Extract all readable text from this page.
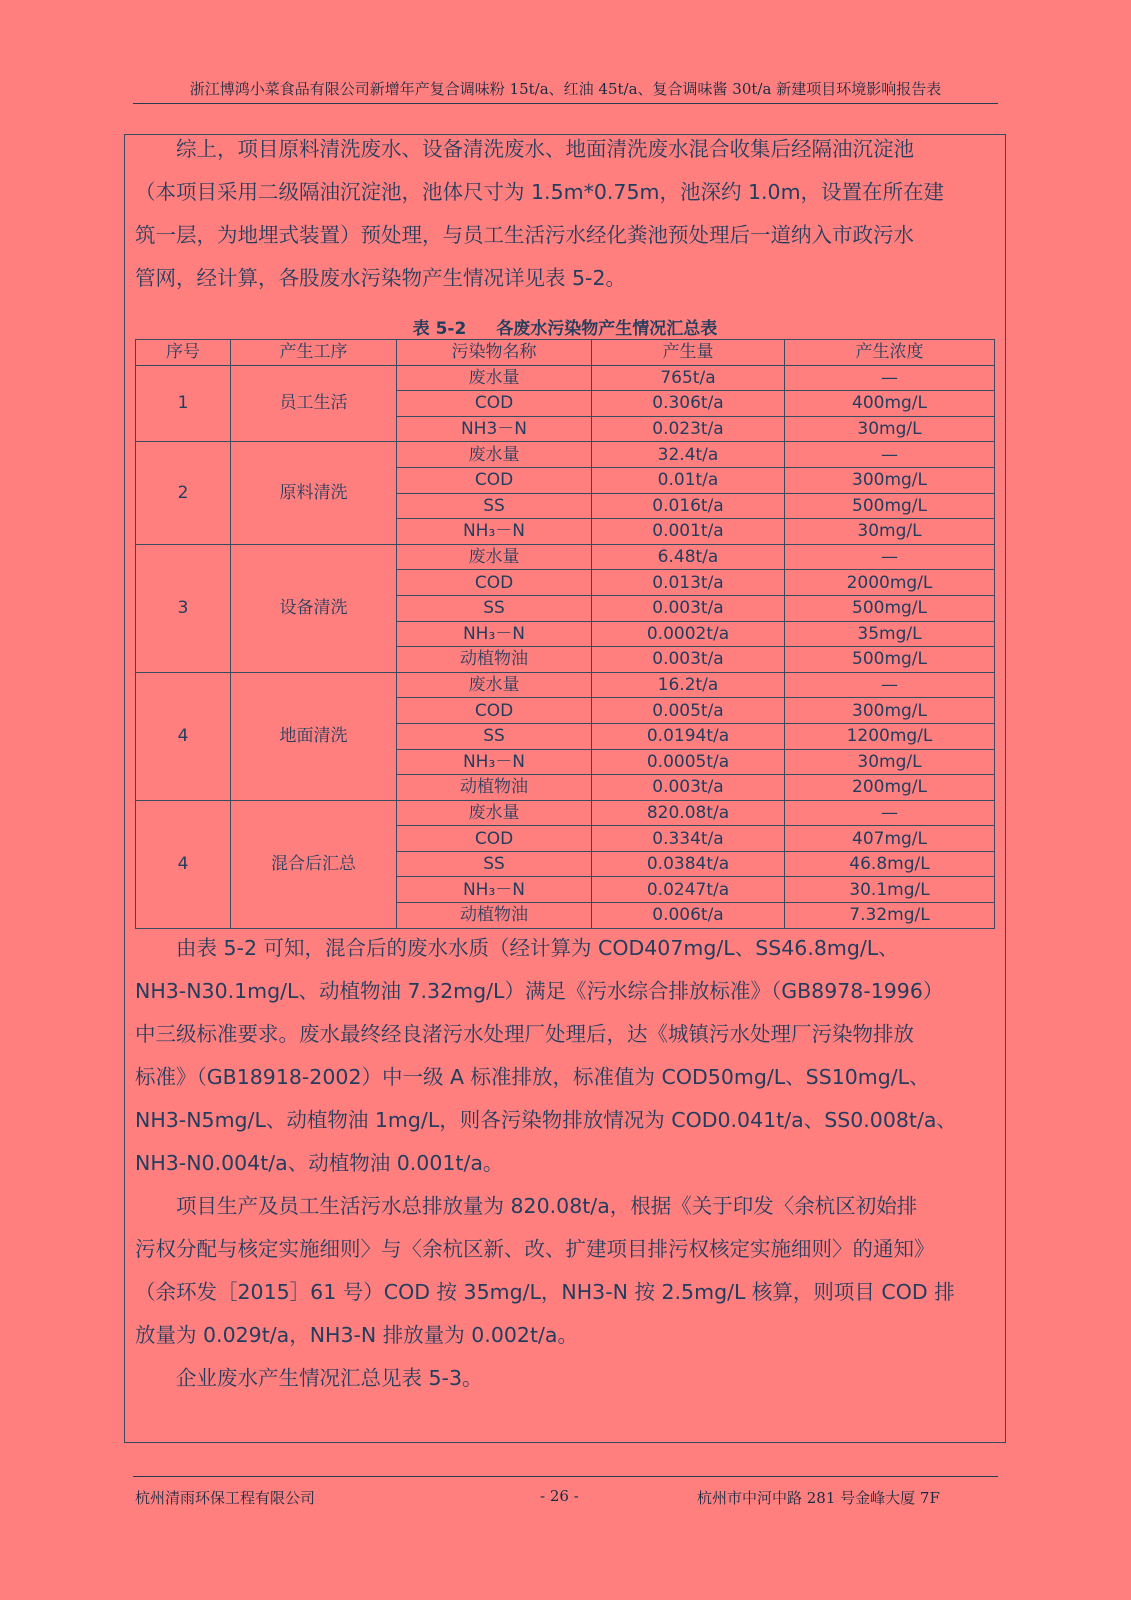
浙江博鸿小菜食品有限公司新增年产复合调味粉 15t/a、红油 45t/a、复合调味酱 30t/a 新建项目环境影响报告表
综上，项目原料清洗废水、设备清洗废水、地面清洗废水混合收集后经隔油沉淀池
（本项目采用二级隔油沉淀池，池体尺寸为 1.5m*0.75m，池深约 1.0m，设置在所在建
筑一层，为地埋式装置）预处理，与员工生活污水经化粪池预处理后一道纳入市政污水
管网，经计算，各股废水污染物产生情况详见表 5-2。
表 5-2 各废水污染物产生情况汇总表
序号	产生工序	污染物名称	产生量	产生浓度
1	员工生活	废水量	765t/a	—
		COD	0.306t/a	400mg/L
		NH3－N	0.023t/a	30mg/L
2	原料清洗	废水量	32.4t/a	—
		COD	0.01t/a	300mg/L
		SS	0.016t/a	500mg/L
		NH₃－N	0.001t/a	30mg/L
3	设备清洗	废水量	6.48t/a	—
		COD	0.013t/a	2000mg/L
		SS	0.003t/a	500mg/L
		NH₃－N	0.0002t/a	35mg/L
		动植物油	0.003t/a	500mg/L
4	地面清洗	废水量	16.2t/a	—
		COD	0.005t/a	300mg/L
		SS	0.0194t/a	1200mg/L
		NH₃－N	0.0005t/a	30mg/L
		动植物油	0.003t/a	200mg/L
4	混合后汇总	废水量	820.08t/a	—
		COD	0.334t/a	407mg/L
		SS	0.0384t/a	46.8mg/L
		NH₃－N	0.0247t/a	30.1mg/L
		动植物油	0.006t/a	7.32mg/L
由表 5-2 可知，混合后的废水水质（经计算为 COD407mg/L、SS46.8mg/L、
NH3-N30.1mg/L、动植物油 7.32mg/L）满足《污水综合排放标准》（GB8978-1996）
中三级标准要求。废水最终经良渚污水处理厂处理后，达《城镇污水处理厂污染物排放
标准》（GB18918-2002）中一级 A 标准排放，标准值为 COD50mg/L、SS10mg/L、
NH3-N5mg/L、动植物油 1mg/L，则各污染物排放情况为 COD0.041t/a、SS0.008t/a、
NH3-N0.004t/a、动植物油 0.001t/a。
项目生产及员工生活污水总排放量为 820.08t/a，根据《关于印发〈余杭区初始排
污权分配与核定实施细则〉与〈余杭区新、改、扩建项目排污权核定实施细则〉的通知》
（余环发［2015］61 号）COD 按 35mg/L，NH3-N 按 2.5mg/L 核算，则项目 COD 排
放量为 0.029t/a，NH3-N 排放量为 0.002t/a。
企业废水产生情况汇总见表 5-3。
杭州清雨环保工程有限公司	- 26 -	杭州市中河中路 281 号金峰大厦 7F
